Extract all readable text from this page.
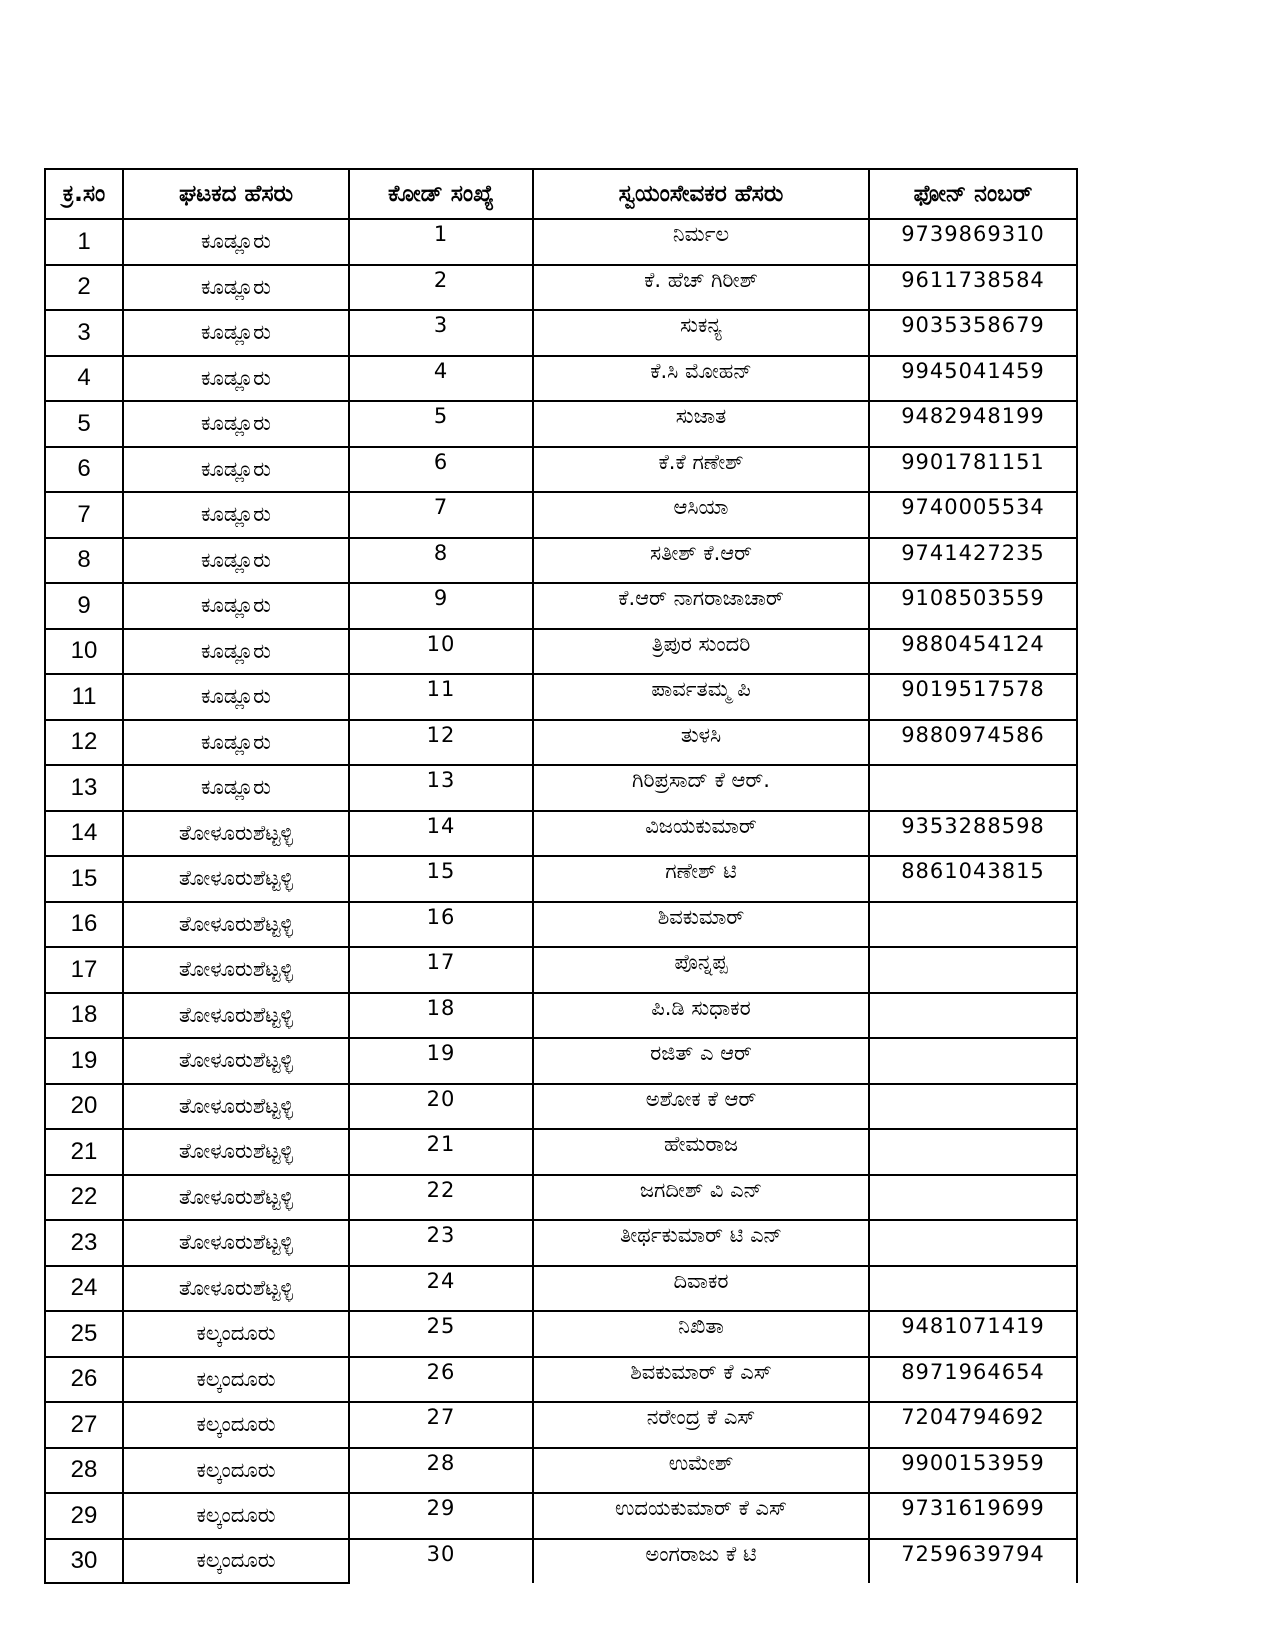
ಕ್ರ.ಸಂ	ಘಟಕದ ಹೆಸರು	ಕೋಡ್ ಸಂಖ್ಯೆ	ಸ್ವಯಂಸೇವಕರ ಹೆಸರು	ಫೋನ್ ನಂಬರ್
1	ಕೂಡ್ಲೂರು	1	ನಿರ್ಮಲ	9739869310
2	ಕೂಡ್ಲೂರು	2	ಕೆ. ಹೆಚ್ ಗಿರೀಶ್	9611738584
3	ಕೂಡ್ಲೂರು	3	ಸುಕನ್ಯ	9035358679
4	ಕೂಡ್ಲೂರು	4	ಕೆ.ಸಿ ಮೋಹನ್	9945041459
5	ಕೂಡ್ಲೂರು	5	ಸುಜಾತ	9482948199
6	ಕೂಡ್ಲೂರು	6	ಕೆ.ಕೆ ಗಣೇಶ್	9901781151
7	ಕೂಡ್ಲೂರು	7	ಆಸಿಯಾ	9740005534
8	ಕೂಡ್ಲೂರು	8	ಸತೀಶ್ ಕೆ.ಆರ್	9741427235
9	ಕೂಡ್ಲೂರು	9	ಕೆ.ಆರ್ ನಾಗರಾಜಾಚಾರ್	9108503559
10	ಕೂಡ್ಲೂರು	10	ತ್ರಿಪುರ ಸುಂದರಿ	9880454124
11	ಕೂಡ್ಲೂರು	11	ಪಾರ್ವತಮ್ಮ ಪಿ	9019517578
12	ಕೂಡ್ಲೂರು	12	ತುಳಸಿ	9880974586
13	ಕೂಡ್ಲೂರು	13	ಗಿರಿಪ್ರಸಾದ್ ಕೆ ಆರ್.	
14	ತೋಳೂರುಶೆಟ್ಟಳ್ಳಿ	14	ವಿಜಯಕುಮಾರ್	9353288598
15	ತೋಳೂರುಶೆಟ್ಟಳ್ಳಿ	15	ಗಣೇಶ್ ಟಿ	8861043815
16	ತೋಳೂರುಶೆಟ್ಟಳ್ಳಿ	16	ಶಿವಕುಮಾರ್	
17	ತೋಳೂರುಶೆಟ್ಟಳ್ಳಿ	17	ಪೊನ್ನಪ್ಪ	
18	ತೋಳೂರುಶೆಟ್ಟಳ್ಳಿ	18	ಪಿ.ಡಿ ಸುಧಾಕರ	
19	ತೋಳೂರುಶೆಟ್ಟಳ್ಳಿ	19	ರಜಿತ್ ಎ ಆರ್	
20	ತೋಳೂರುಶೆಟ್ಟಳ್ಳಿ	20	ಅಶೋಕ ಕೆ ಆರ್	
21	ತೋಳೂರುಶೆಟ್ಟಳ್ಳಿ	21	ಹೇಮರಾಜ	
22	ತೋಳೂರುಶೆಟ್ಟಳ್ಳಿ	22	ಜಗದೀಶ್ ವಿ ಎನ್	
23	ತೋಳೂರುಶೆಟ್ಟಳ್ಳಿ	23	ತೀರ್ಥಕುಮಾರ್ ಟಿ ಎನ್	
24	ತೋಳೂರುಶೆಟ್ಟಳ್ಳಿ	24	ದಿವಾಕರ	
25	ಕಲ್ಕಂದೂರು	25	ನಿಖಿತಾ	9481071419
26	ಕಲ್ಕಂದೂರು	26	ಶಿವಕುಮಾರ್ ಕೆ ಎಸ್	8971964654
27	ಕಲ್ಕಂದೂರು	27	ನರೇಂದ್ರ ಕೆ ಎಸ್	7204794692
28	ಕಲ್ಕಂದೂರು	28	ಉಮೇಶ್	9900153959
29	ಕಲ್ಕಂದೂರು	29	ಉದಯಕುಮಾರ್ ಕೆ ಎಸ್	9731619699
30	ಕಲ್ಕಂದೂರು	30	ಅಂಗರಾಜು ಕೆ ಟಿ	7259639794
